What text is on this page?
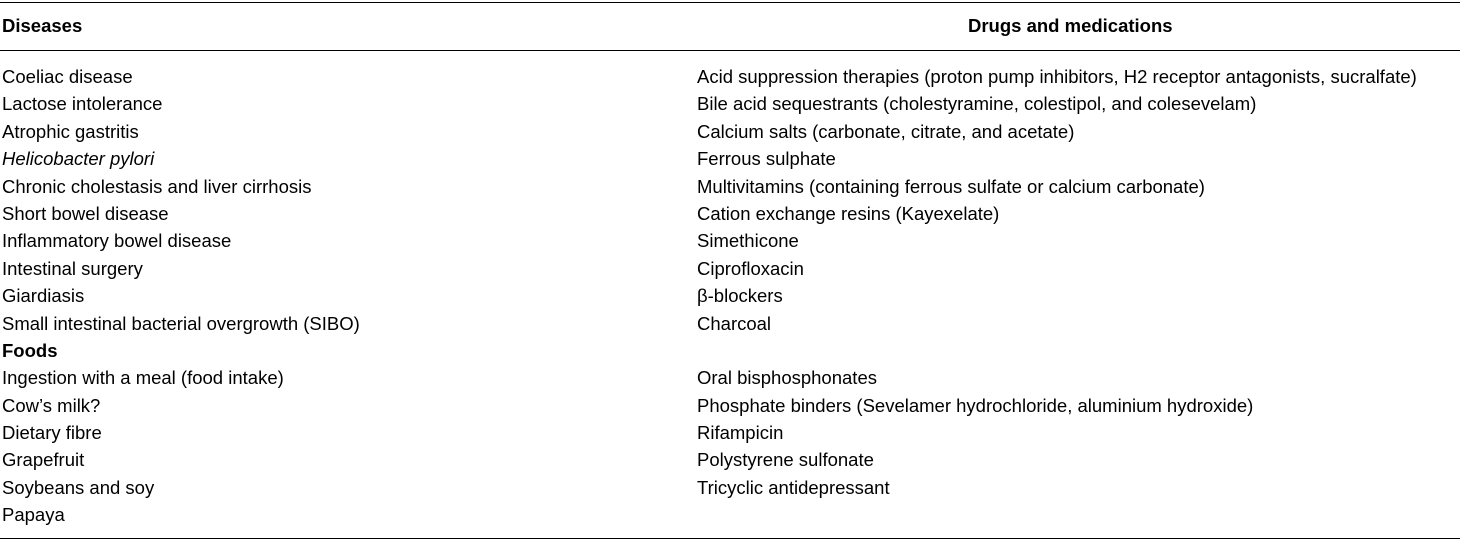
Diseases	Drugs and medications
Coeliac disease	Acid suppression therapies (proton pump inhibitors, H2 receptor antagonists, sucralfate)
Lactose intolerance	Bile acid sequestrants (cholestyramine, colestipol, and colesevelam)
Atrophic gastritis	Calcium salts (carbonate, citrate, and acetate)
Helicobacter pylori	Ferrous sulphate
Chronic cholestasis and liver cirrhosis	Multivitamins (containing ferrous sulfate or calcium carbonate)
Short bowel disease	Cation exchange resins (Kayexelate)
Inflammatory bowel disease	Simethicone
Intestinal surgery	Ciprofloxacin
Giardiasis	β-blockers
Small intestinal bacterial overgrowth (SIBO)	Charcoal
Foods
Ingestion with a meal (food intake)	Oral bisphosphonates
Cow’s milk?	Phosphate binders (Sevelamer hydrochloride, aluminium hydroxide)
Dietary fibre	Rifampicin
Grapefruit	Polystyrene sulfonate
Soybeans and soy	Tricyclic antidepressant
Papaya
